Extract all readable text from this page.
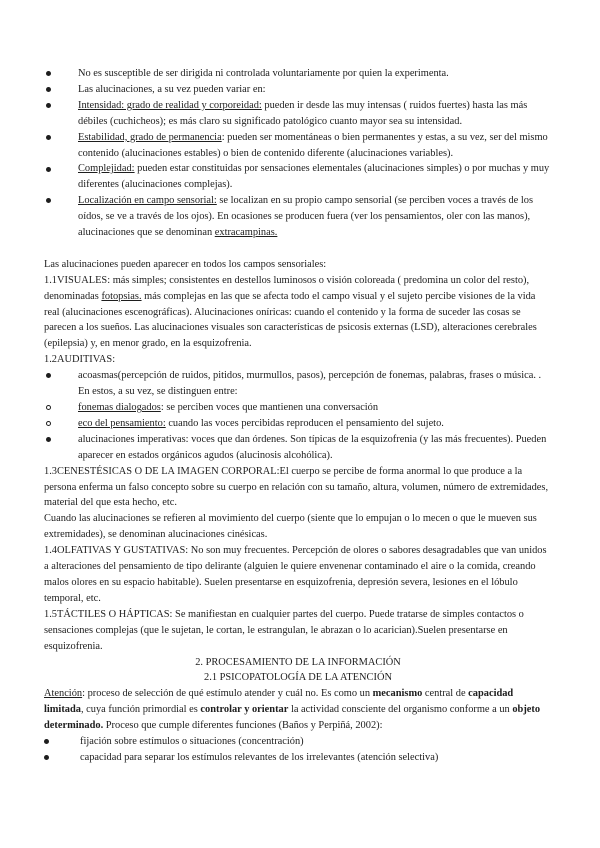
No es susceptible de ser dirigida ni controlada voluntariamente por quien la experimenta.
Las alucinaciones, a su vez pueden variar en:
Intensidad: grado de realidad y corporeidad: pueden ir desde las muy intensas ( ruidos fuertes) hasta las más débiles (cuchicheos); es más claro su significado patológico cuanto mayor sea su intensidad.
Estabilidad, grado de permanencia: pueden ser momentáneas o bien permanentes y estas, a su vez, ser del mismo contenido (alucinaciones estables) o bien de contenido diferente (alucinaciones variables).
Complejidad: pueden estar constituidas por sensaciones elementales (alucinaciones simples) o por muchas y muy diferentes (alucinaciones complejas).
Localización en campo sensorial: se localizan en su propio campo sensorial (se perciben voces a través de los oídos, se ve a través de los ojos). En ocasiones se producen fuera (ver los pensamientos, oler con las manos), alucinaciones que se denominan extracampinas.

Las alucinaciones pueden aparecer en todos los campos sensoriales:

1.1VISUALES: más simples; consistentes en destellos luminosos o visión coloreada ( predomina un color del resto), denominadas fotopsias. más complejas en las que se afecta todo el campo visual y el sujeto percibe visiones de la vida real (alucinaciones escenográficas). Alucinaciones oníricas: cuando el contenido y la forma de suceder las cosas se parecen a los sueños. Las alucinaciones visuales son características de psicosis externas (LSD), alteraciones cerebrales (epilepsia) y, en menor grado, en la esquizofrenia.

1.2AUDITIVAS:

acoasmas(percepción de ruidos, pitidos, murmullos, pasos), percepción de fonemas, palabras, frases o música. . En estos, a su vez, se distinguen entre:
fonemas dialogados: se perciben voces que mantienen una conversación
eco del pensamiento: cuando las voces percibidas reproducen el pensamiento del sujeto.
alucinaciones imperativas: voces que dan órdenes. Son típicas de la esquizofrenia (y las más frecuentes). Pueden aparecer en estados orgánicos agudos (alucinosis alcohólica).

1.3CENESTÉSICAS O DE LA IMAGEN CORPORAL:El cuerpo se percibe de forma anormal lo que produce a la persona enferma un falso concepto sobre su cuerpo en relación con su tamaño, altura, volumen, número de extremidades, material del que esta hecho, etc.

Cuando las alucinaciones se refieren al movimiento del cuerpo (siente que lo empujan o lo mecen o que le mueven sus extremidades), se denominan alucinaciones cinésicas.

1.4OLFATIVAS Y GUSTATIVAS: No son muy frecuentes. Percepción de olores o sabores desagradables que van unidos a alteraciones del pensamiento de tipo delirante (alguien le quiere envenenar contaminado el aire o la comida, creando malos olores en su espacio habitable). Suelen presentarse en esquizofrenia, depresión severa, lesiones en el lóbulo temporal, etc.

1.5TÁCTILES O HÁPTICAS: Se manifiestan en cualquier partes del cuerpo. Puede tratarse de simples contactos o sensaciones complejas (que le sujetan, le cortan, le estrangulan, le abrazan o lo acarician).Suelen presentarse en esquizofrenia.

2. PROCESAMIENTO DE LA INFORMACIÓN

2.1 PSICOPATOLOGÍA DE LA ATENCIÓN

Atención: proceso de selección de qué estímulo atender y cuál no. Es como un mecanismo central de capacidad limitada, cuya función primordial es controlar y orientar la actividad consciente del organismo conforme a un objeto determinado. Proceso que cumple diferentes funciones (Baños y Perpiñá, 2002):

fijación sobre estímulos o situaciones (concentración)
capacidad para separar los estímulos relevantes de los irrelevantes (atención selectiva)
